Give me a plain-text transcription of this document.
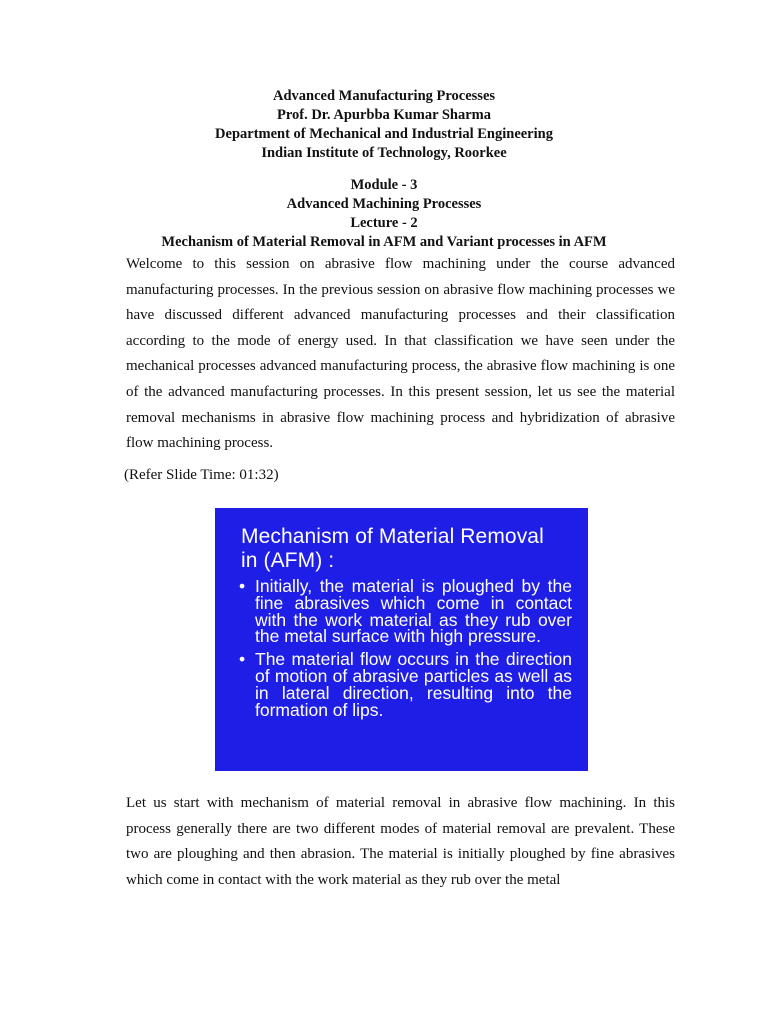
Advanced Manufacturing Processes
Prof. Dr. Apurbba Kumar Sharma
Department of Mechanical and Industrial Engineering
Indian Institute of Technology, Roorkee
Module - 3
Advanced Machining Processes
Lecture - 2
Mechanism of Material Removal in AFM and Variant processes in AFM

Welcome to this session on abrasive flow machining under the course advanced manufacturing processes. In the previous session on abrasive flow machining processes we have discussed different advanced manufacturing processes and their classification according to the mode of energy used. In that classification we have seen under the mechanical processes advanced manufacturing process, the abrasive flow machining is one of the advanced manufacturing processes. In this present session, let us see the material removal mechanisms in abrasive flow machining process and hybridization of abrasive flow machining process.

(Refer Slide Time: 01:32)

Mechanism of Material Removal
in (AFM) :
• Initially, the material is ploughed by the fine abrasives which come in contact with the work material as they rub over the metal surface with high pressure.
• The material flow occurs in the direction of motion of abrasive particles as well as in lateral direction, resulting into the formation of lips.

Let us start with mechanism of material removal in abrasive flow machining. In this process generally there are two different modes of material removal are prevalent. These two are ploughing and then abrasion. The material is initially ploughed by fine abrasives which come in contact with the work material as they rub over the metal
